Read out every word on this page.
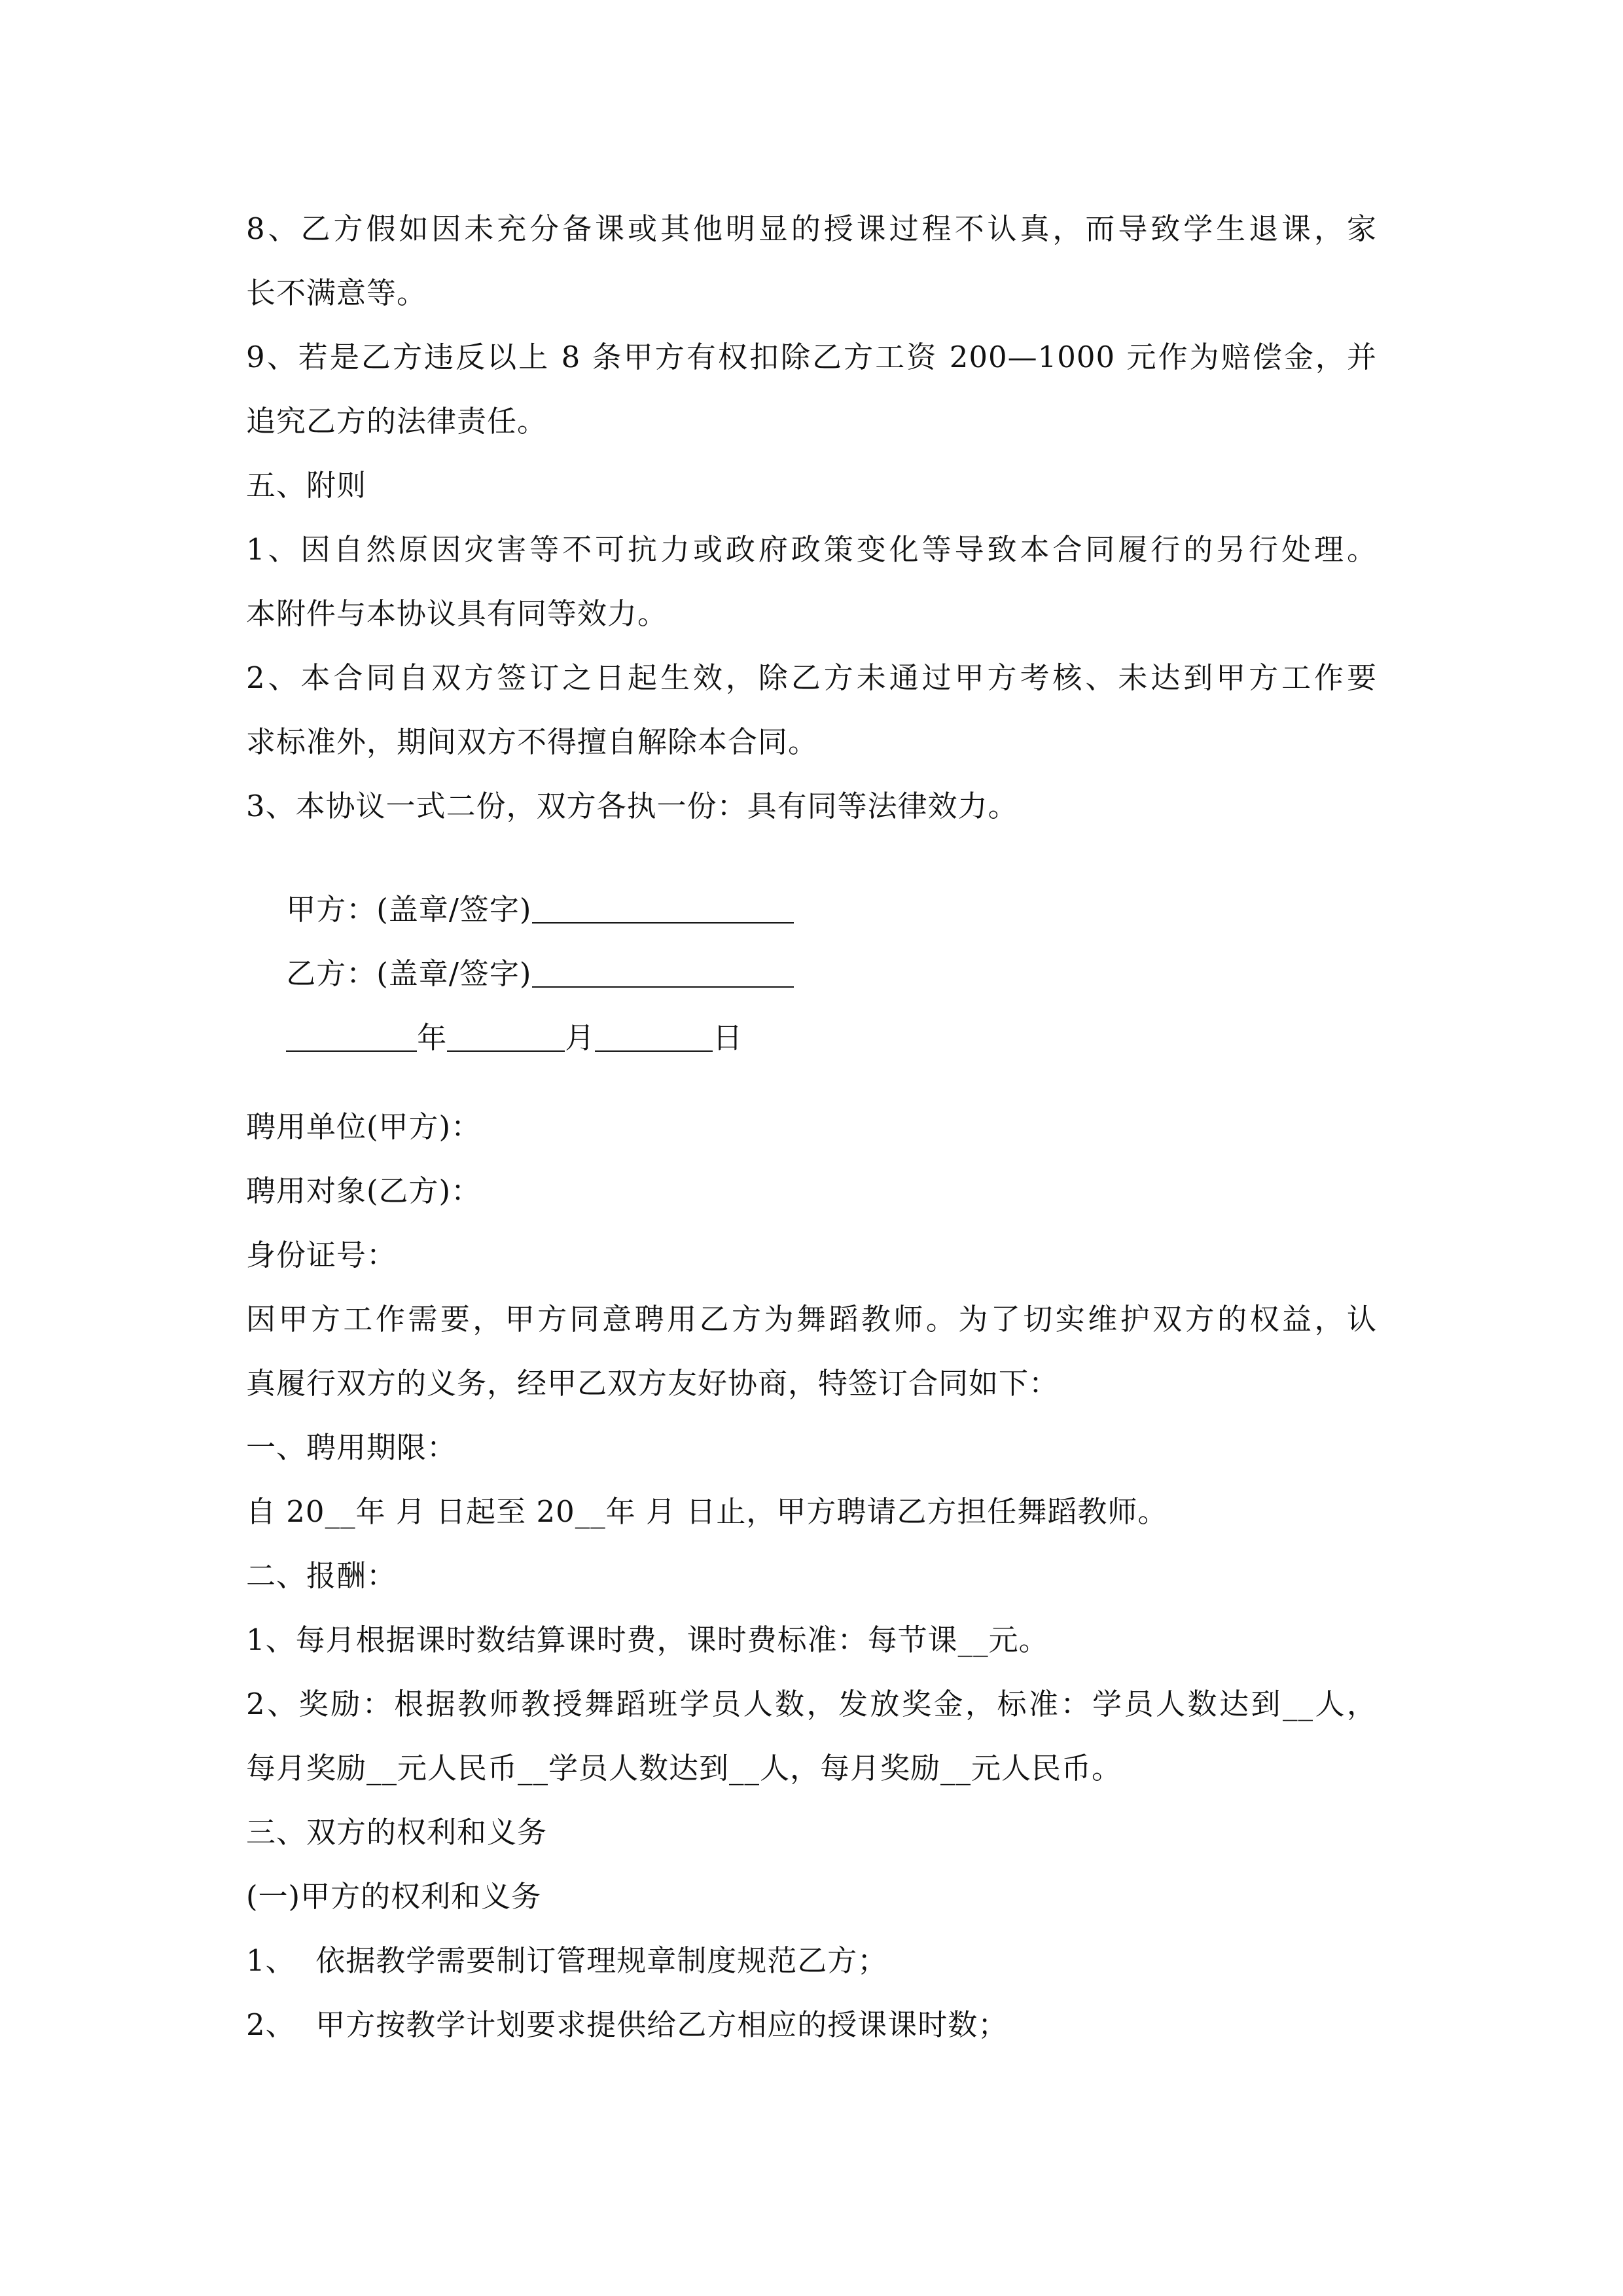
8、乙方假如因未充分备课或其他明显的授课过程不认真，而导致学生退课，家
长不满意等。
9、若是乙方违反以上 8 条甲方有权扣除乙方工资 200—1000 元作为赔偿金，并
追究乙方的法律责任。
五、附则
1、因自然原因灾害等不可抗力或政府政策变化等导致本合同履行的另行处理。
本附件与本协议具有同等效力。
2、本合同自双方签订之日起生效，除乙方未通过甲方考核、未达到甲方工作要
求标准外，期间双方不得擅自解除本合同。
3、本协议一式二份，双方各执一份：具有同等法律效力。

甲方：(盖章/签字)

乙方：(盖章/签字)

年	月	日

聘用单位(甲方)：
聘用对象(乙方)：
身份证号：
因甲方工作需要，甲方同意聘用乙方为舞蹈教师。为了切实维护双方的权益，认
真履行双方的义务，经甲乙双方友好协商，特签订合同如下：
一、聘用期限：
自 20__年 月 日起至 20__年 月 日止，甲方聘请乙方担任舞蹈教师。
二、报酬：
1、每月根据课时数结算课时费，课时费标准：每节课__元。
2、奖励：根据教师教授舞蹈班学员人数，发放奖金，标准：学员人数达到__人，
每月奖励__元人民币__学员人数达到__人，每月奖励__元人民币。
三、双方的权利和义务
(一)甲方的权利和义务
1、  依据教学需要制订管理规章制度规范乙方；
2、  甲方按教学计划要求提供给乙方相应的授课课时数；
